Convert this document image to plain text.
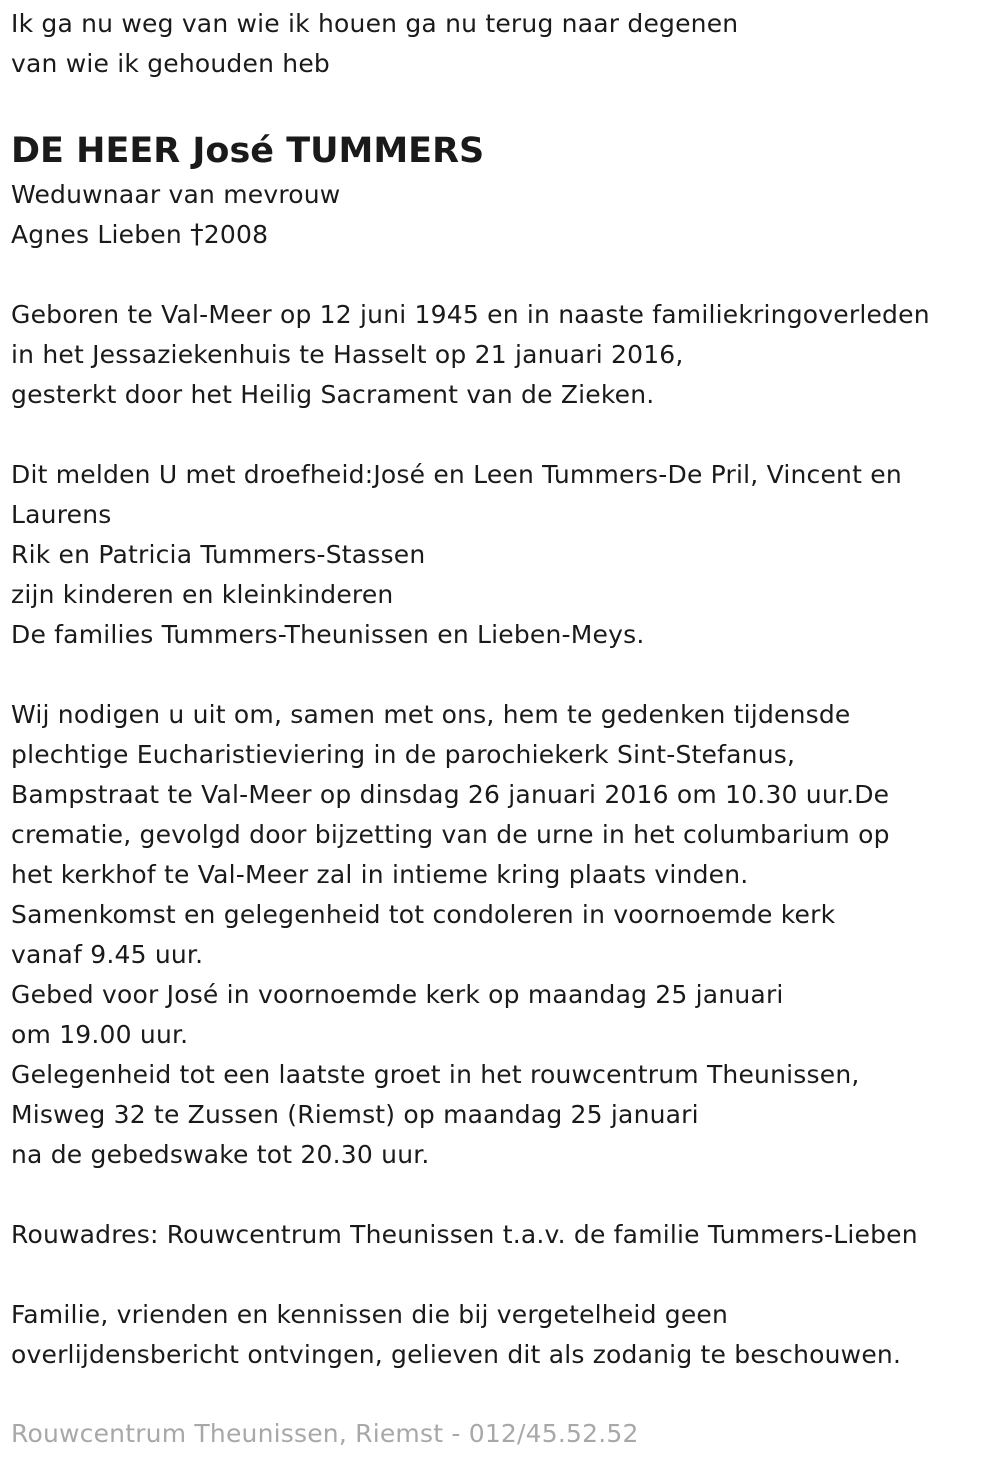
Ik ga nu weg van wie ik houen ga nu terug naar degenen
van wie ik gehouden heb
DE HEER José TUMMERS
Weduwnaar van mevrouw
Agnes Lieben †2008
Geboren te Val-Meer op 12 juni 1945 en in naaste familiekringoverleden
in het Jessaziekenhuis te Hasselt op 21 januari 2016,
gesterkt door het Heilig Sacrament van de Zieken.
Dit melden U met droefheid:José en Leen Tummers-De Pril, Vincent en
Laurens
Rik en Patricia Tummers-Stassen
zijn kinderen en kleinkinderen
De families Tummers-Theunissen en Lieben-Meys.
Wij nodigen u uit om, samen met ons, hem te gedenken tijdensde
plechtige Eucharistieviering in de parochiekerk Sint-Stefanus,
Bampstraat te Val-Meer op dinsdag 26 januari 2016 om 10.30 uur.De
crematie, gevolgd door bijzetting van de urne in het columbarium op
het kerkhof te Val-Meer zal in intieme kring plaats vinden.
Samenkomst en gelegenheid tot condoleren in voornoemde kerk
vanaf 9.45 uur.
Gebed voor José in voornoemde kerk op maandag 25 januari
om 19.00 uur.
Gelegenheid tot een laatste groet in het rouwcentrum Theunissen,
Misweg 32 te Zussen (Riemst) op maandag 25 januari
na de gebedswake tot 20.30 uur.
Rouwadres: Rouwcentrum Theunissen t.a.v. de familie Tummers-Lieben
Familie, vrienden en kennissen die bij vergetelheid geen
overlijdensbericht ontvingen, gelieven dit als zodanig te beschouwen.
Rouwcentrum Theunissen, Riemst - 012/45.52.52
